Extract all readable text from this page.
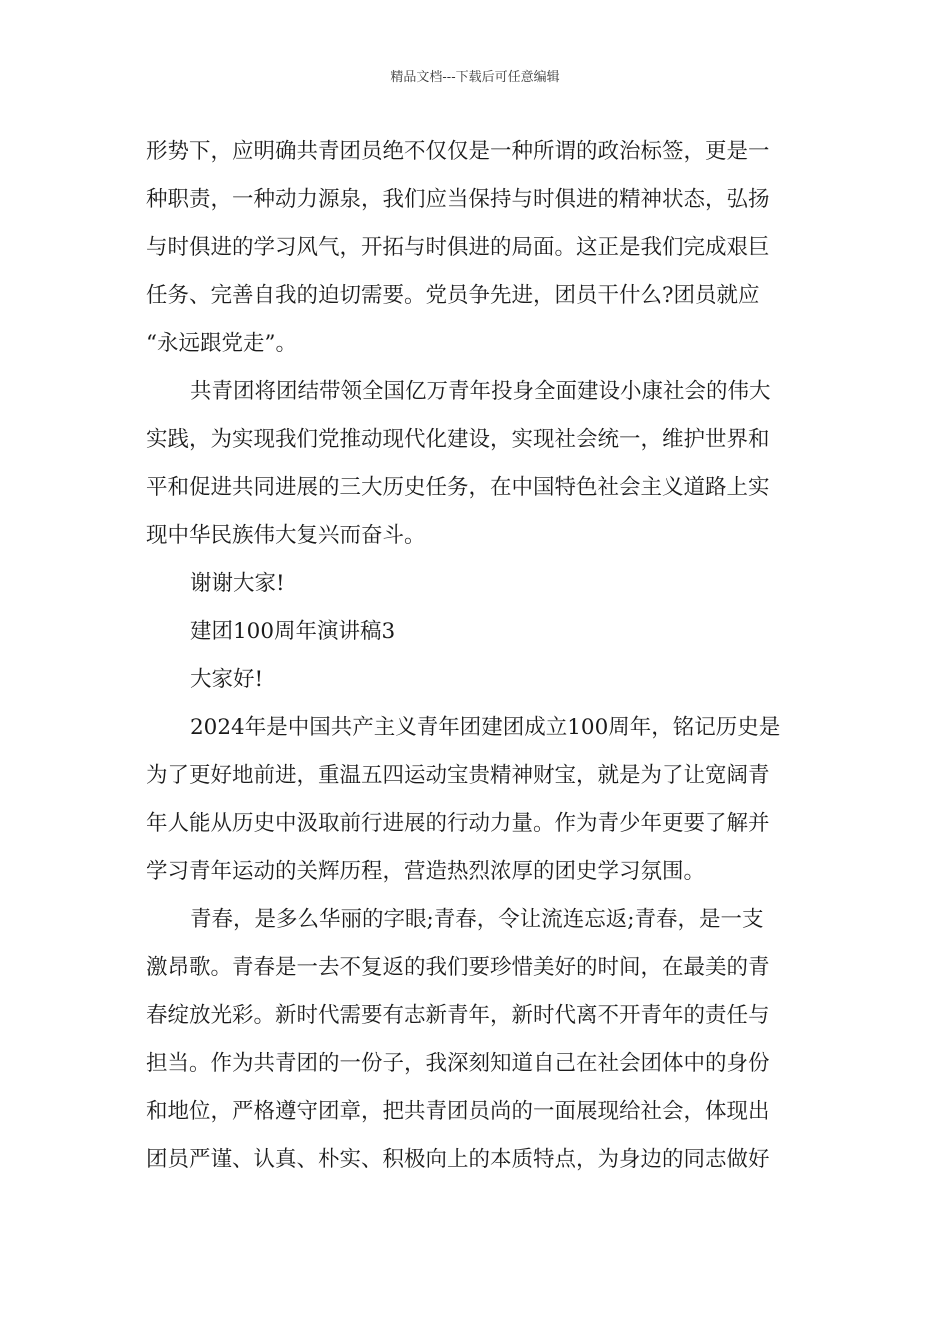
精品文档---下载后可任意编辑
形势下，应明确共青团员绝不仅仅是一种所谓的政治标签，更是一
种职责，一种动力源泉，我们应当保持与时俱进的精神状态，弘扬
与时俱进的学习风气，开拓与时俱进的局面。这正是我们完成艰巨
任务、完善自我的迫切需要。党员争先进，团员干什么?团员就应
“永远跟党走”。
共青团将团结带领全国亿万青年投身全面建设小康社会的伟大
实践，为实现我们党推动现代化建设，实现社会统一，维护世界和
平和促进共同进展的三大历史任务，在中国特色社会主义道路上实
现中华民族伟大复兴而奋斗。
谢谢大家!
建团100周年演讲稿3
大家好!
2024年是中国共产主义青年团建团成立100周年，铭记历史是
为了更好地前进，重温五四运动宝贵精神财宝，就是为了让宽阔青
年人能从历史中汲取前行进展的行动力量。作为青少年更要了解并
学习青年运动的关辉历程，营造热烈浓厚的团史学习氛围。
青春，是多么华丽的字眼;青春，令让流连忘返;青春，是一支
激昂歌。青春是一去不复返的我们要珍惜美好的时间，在最美的青
春绽放光彩。新时代需要有志新青年，新时代离不开青年的责任与
担当。作为共青团的一份子，我深刻知道自己在社会团体中的身份
和地位，严格遵守团章，把共青团员尚的一面展现给社会，体现出
团员严谨、认真、朴实、积极向上的本质特点，为身边的同志做好
